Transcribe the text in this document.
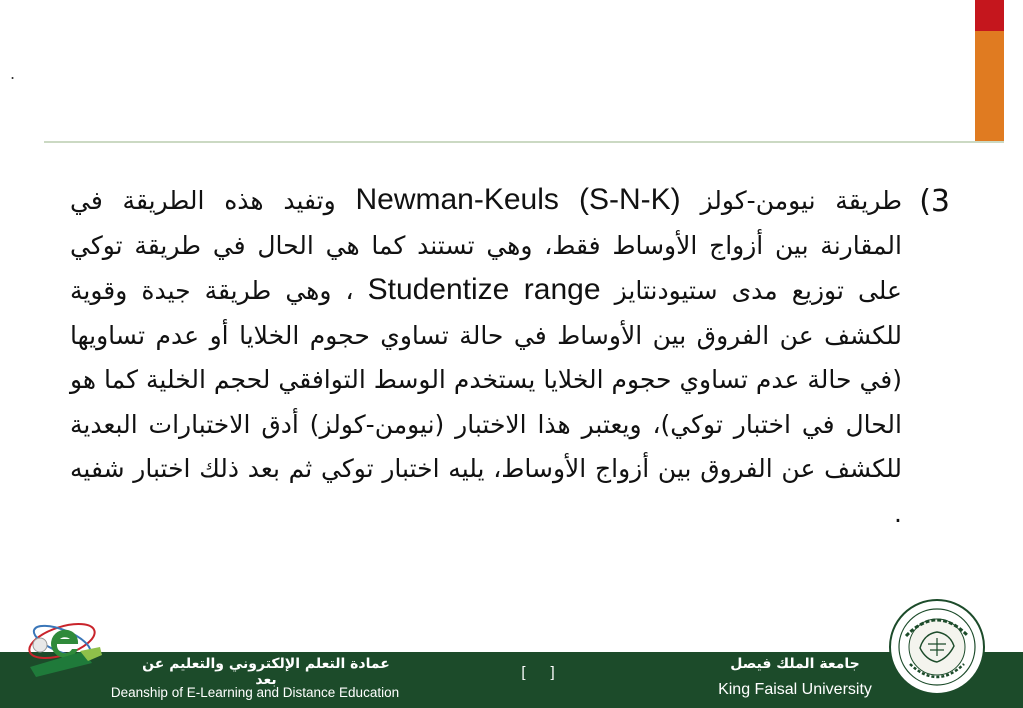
.
(3
طريقة نيومن-كولز Newman-Keuls (S-N-K) وتفيد هذه الطريقة في المقارنة بين أزواج الأوساط فقط، وهي تستند كما هي الحال في طريقة توكي على توزيع مدى ستيودنتايز Studentize range ، وهي طريقة جيدة وقوية للكشف عن الفروق بين الأوساط في حالة تساوي حجوم الخلايا أو عدم تساويها (في حالة عدم تساوي حجوم الخلايا يستخدم الوسط التوافقي لحجم الخلية كما هو الحال في اختبار توكي)، ويعتبر هذا الاختبار (نيومن-كولز) أدق الاختبارات البعدية للكشف عن الفروق بين أزواج الأوساط، يليه اختبار توكي ثم بعد ذلك اختبار شفيه .
عمادة التعلم الإلكتروني والتعليم عن بعد
Deanship of E-Learning and Distance Education
[      ]	جامعة الملك فيصل
King Faisal University
